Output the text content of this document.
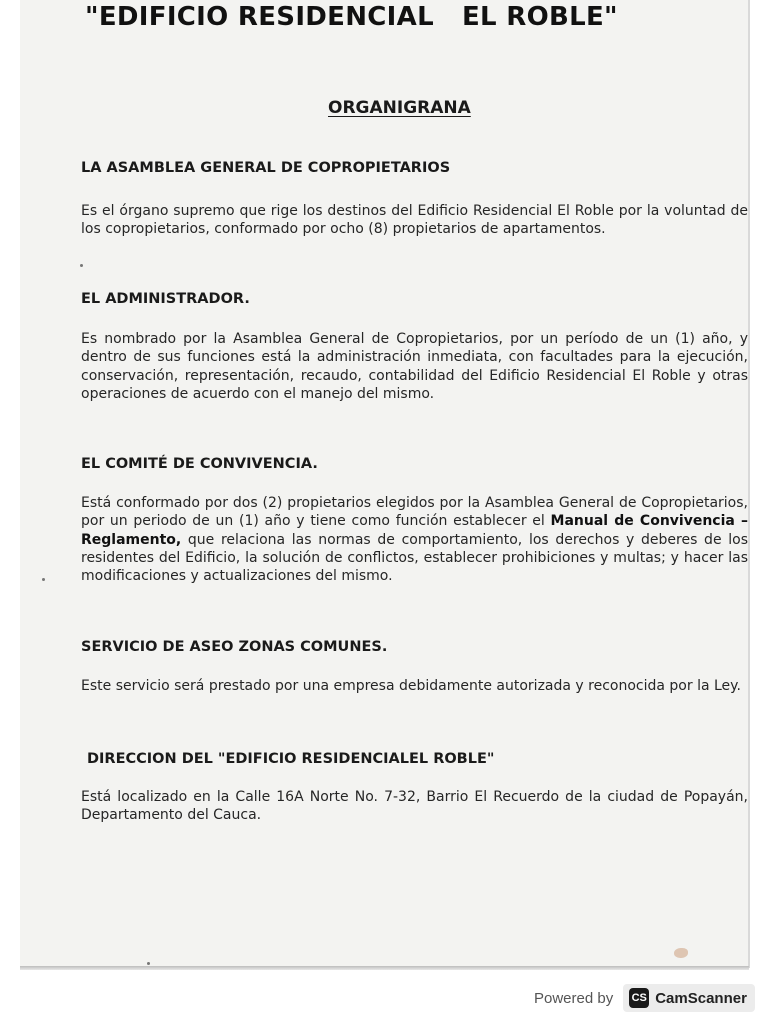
"EDIFICIO RESIDENCIAL   EL ROBLE"
ORGANIGRANA
LA ASAMBLEA GENERAL DE COPROPIETARIOS
Es el órgano supremo que rige los destinos del Edificio Residencial El Roble por la voluntad de los copropietarios, conformado por ocho (8) propietarios de apartamentos.
EL ADMINISTRADOR.
Es nombrado por la Asamblea General de Copropietarios, por un período de un (1) año, y dentro de sus funciones está la administración inmediata, con facultades para la ejecución, conservación, representación, recaudo, contabilidad del Edificio Residencial El Roble y otras operaciones de acuerdo con el manejo del mismo.
EL COMITÉ DE CONVIVENCIA.
Está conformado por dos (2) propietarios elegidos por la Asamblea General de Copropietarios, por un periodo de un (1) año y tiene como función establecer el Manual de Convivencia – Reglamento, que relaciona las normas de comportamiento, los derechos y deberes de los residentes del Edificio, la solución de conflictos, establecer prohibiciones y multas; y hacer las modificaciones y actualizaciones del mismo.
SERVICIO DE ASEO ZONAS COMUNES.
Este servicio será prestado por una empresa debidamente autorizada y reconocida por la Ley.
DIRECCION DEL "EDIFICIO RESIDENCIALEL ROBLE"
Está localizado en la Calle 16A Norte No. 7-32, Barrio El Recuerdo de la ciudad de Popayán, Departamento del Cauca.
Powered by CS CamScanner
